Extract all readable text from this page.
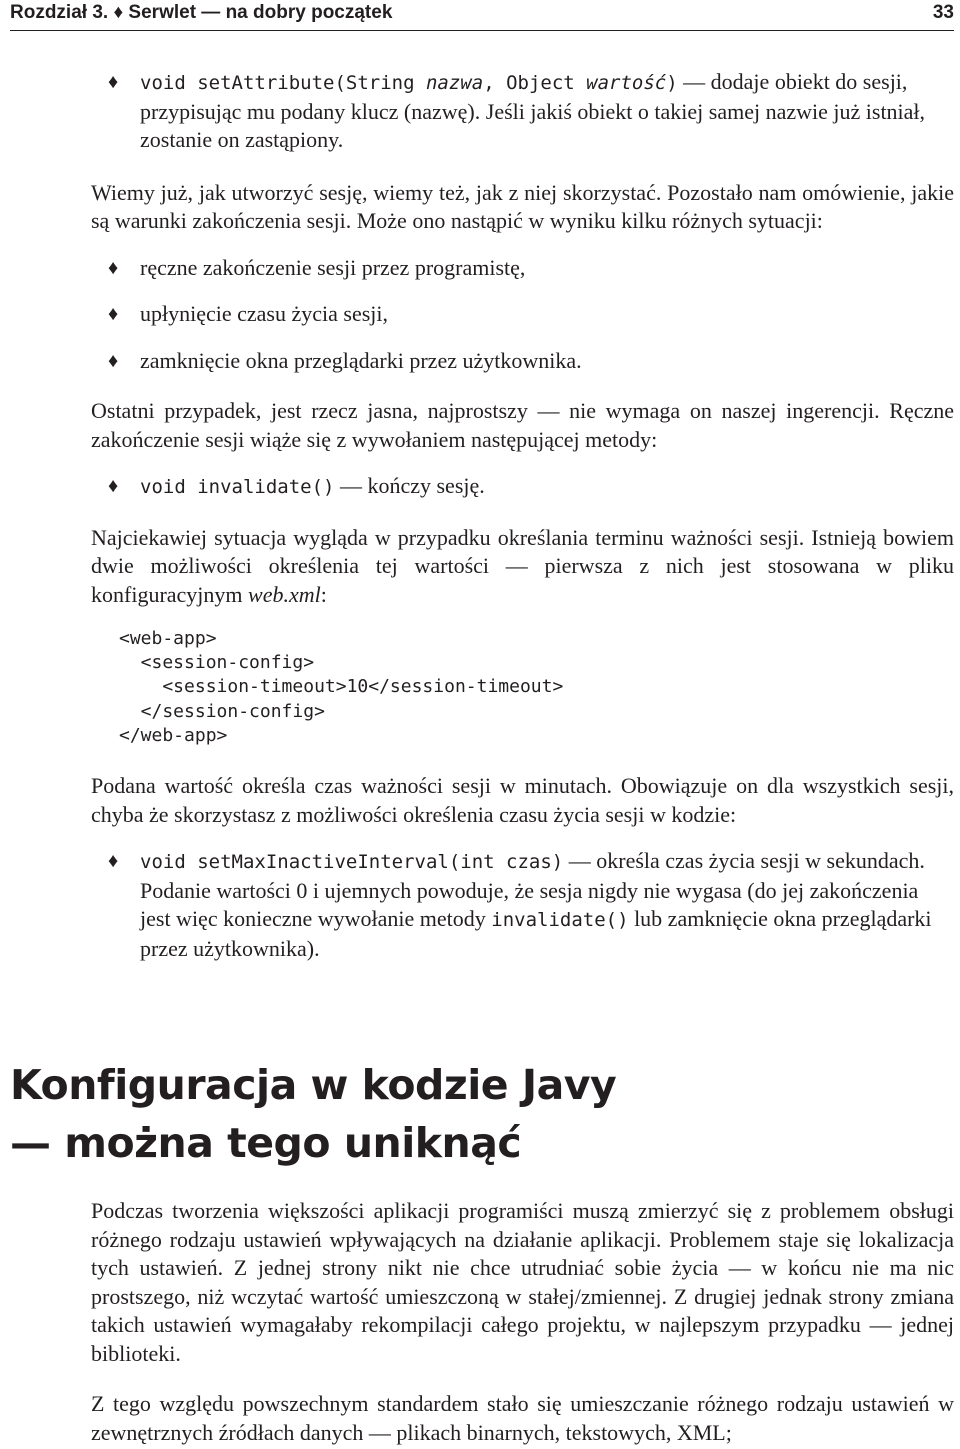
Rozdział 3. ♦ Serwlet — na dobry początek	33
♦ void setAttribute(String nazwa, Object wartość) — dodaje obiekt do sesji, przypisując mu podany klucz (nazwę). Jeśli jakiś obiekt o takiej samej nazwie już istniał, zostanie on zastąpiony.

Wiemy już, jak utworzyć sesję, wiemy też, jak z niej skorzystać. Pozostało nam omówienie, jakie są warunki zakończenia sesji. Może ono nastąpić w wyniku kilku różnych sytuacji:

♦ ręczne zakończenie sesji przez programistę,
♦ upłynięcie czasu życia sesji,
♦ zamknięcie okna przeglądarki przez użytkownika.

Ostatni przypadek, jest rzecz jasna, najprostszy — nie wymaga on naszej ingerencji. Ręczne zakończenie sesji wiąże się z wywołaniem następującej metody:

♦ void invalidate() — kończy sesję.

Najciekawiej sytuacja wygląda w przypadku określania terminu ważności sesji. Istnieją bowiem dwie możliwości określenia tej wartości — pierwsza z nich jest stosowana w pliku konfiguracyjnym web.xml:

<web-app>
<session-config>
<session-timeout>10</session-timeout>
</session-config>
</web-app>

Podana wartość określa czas ważności sesji w minutach. Obowiązuje on dla wszystkich sesji, chyba że skorzystasz z możliwości określenia czasu życia sesji w kodzie:

♦ void setMaxInactiveInterval(int czas) — określa czas życia sesji w sekundach. Podanie wartości 0 i ujemnych powoduje, że sesja nigdy nie wygasa (do jej zakończenia jest więc konieczne wywołanie metody invalidate() lub zamknięcie okna przeglądarki przez użytkownika).
Konfiguracja w kodzie Javy
— można tego uniknąć

Podczas tworzenia większości aplikacji programiści muszą zmierzyć się z problemem obsługi różnego rodzaju ustawień wpływających na działanie aplikacji. Problemem staje się lokalizacja tych ustawień. Z jednej strony nikt nie chce utrudniać sobie życia — w końcu nie ma nic prostszego, niż wczytać wartość umieszczoną w stałej/zmiennej. Z drugiej jednak strony zmiana takich ustawień wymagałaby rekompilacji całego projektu, w najlepszym przypadku — jednej biblioteki.

Z tego względu powszechnym standardem stało się umieszczanie różnego rodzaju ustawień w zewnętrznych źródłach danych — plikach binarnych, tekstowych, XML;
